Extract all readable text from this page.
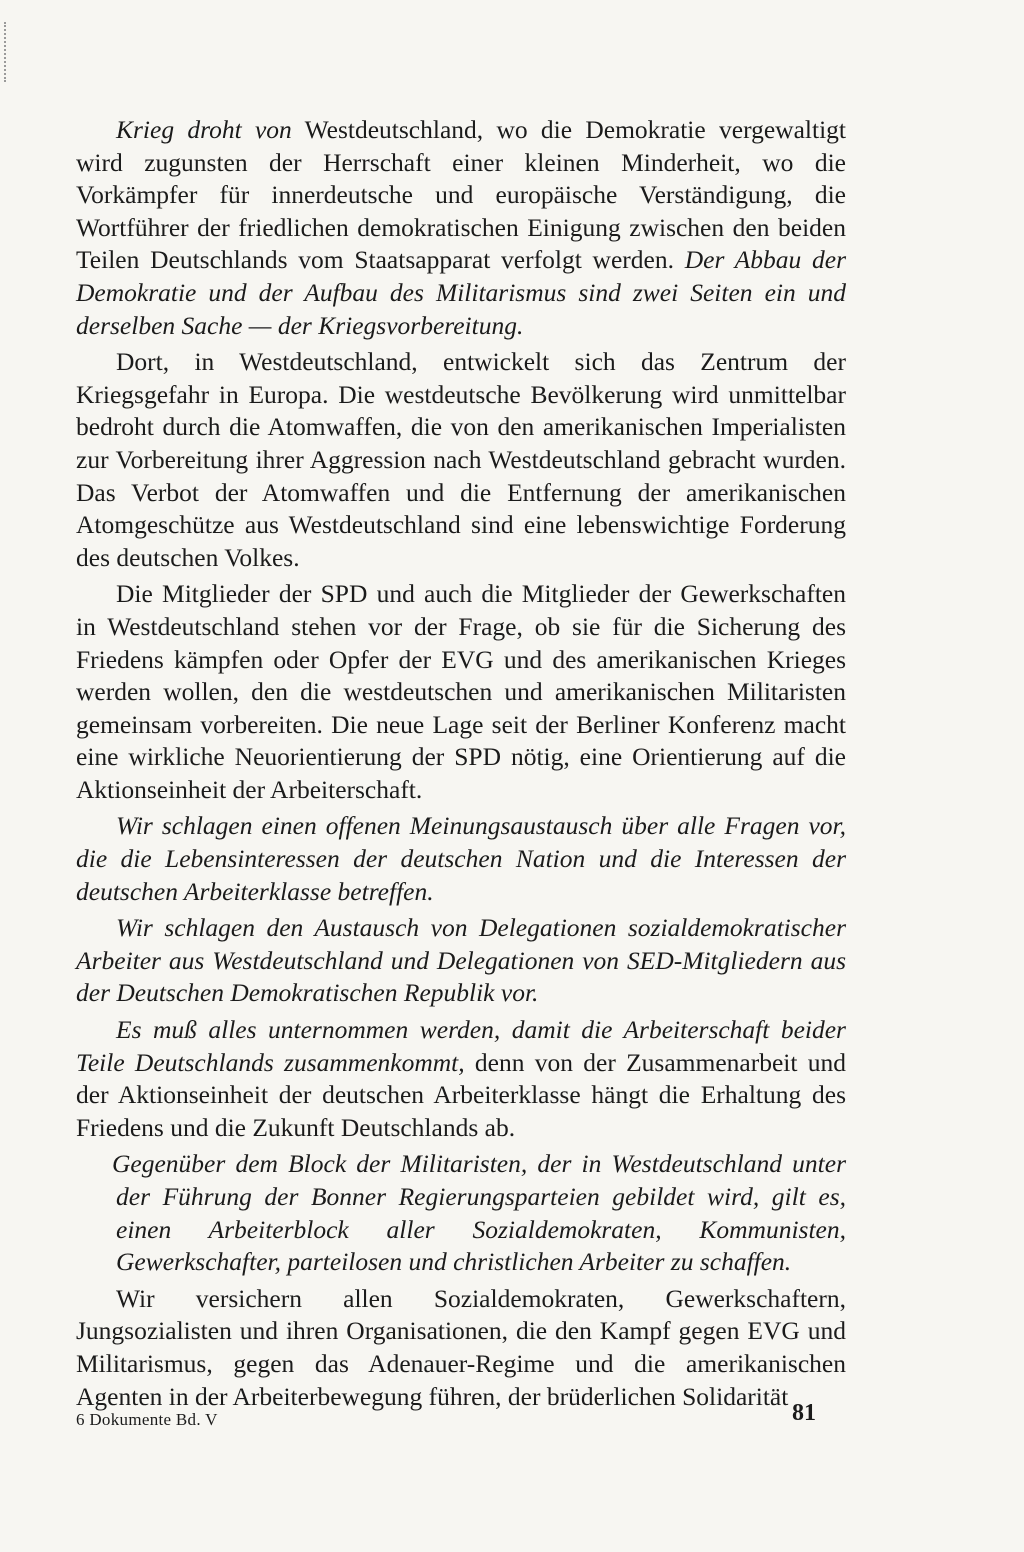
Krieg droht von Westdeutschland, wo die Demokratie vergewaltigt wird zugunsten der Herrschaft einer kleinen Minderheit, wo die Vorkämpfer für innerdeutsche und europäische Verständigung, die Wortführer der friedlichen demokratischen Einigung zwischen den beiden Teilen Deutschlands vom Staatsapparat verfolgt werden. Der Abbau der Demokratie und der Aufbau des Militarismus sind zwei Seiten ein und derselben Sache — der Kriegsvorbereitung.

Dort, in Westdeutschland, entwickelt sich das Zentrum der Kriegsgefahr in Europa. Die westdeutsche Bevölkerung wird unmittelbar bedroht durch die Atomwaffen, die von den amerikanischen Imperialisten zur Vorbereitung ihrer Aggression nach Westdeutschland gebracht wurden. Das Verbot der Atomwaffen und die Entfernung der amerikanischen Atomgeschütze aus Westdeutschland sind eine lebenswichtige Forderung des deutschen Volkes.

Die Mitglieder der SPD und auch die Mitglieder der Gewerkschaften in Westdeutschland stehen vor der Frage, ob sie für die Sicherung des Friedens kämpfen oder Opfer der EVG und des amerikanischen Krieges werden wollen, den die westdeutschen und amerikanischen Militaristen gemeinsam vorbereiten. Die neue Lage seit der Berliner Konferenz macht eine wirkliche Neuorientierung der SPD nötig, eine Orientierung auf die Aktionseinheit der Arbeiterschaft.

Wir schlagen einen offenen Meinungsaustausch über alle Fragen vor, die die Lebensinteressen der deutschen Nation und die Interessen der deutschen Arbeiterklasse betreffen.

Wir schlagen den Austausch von Delegationen sozialdemokratischer Arbeiter aus Westdeutschland und Delegationen von SED-Mitgliedern aus der Deutschen Demokratischen Republik vor.

Es muß alles unternommen werden, damit die Arbeiterschaft beider Teile Deutschlands zusammenkommt, denn von der Zusammenarbeit und der Aktionseinheit der deutschen Arbeiterklasse hängt die Erhaltung des Friedens und die Zukunft Deutschlands ab.

Gegenüber dem Block der Militaristen, der in Westdeutschland unter der Führung der Bonner Regierungsparteien gebildet wird, gilt es, einen Arbeiterblock aller Sozialdemokraten, Kommunisten, Gewerkschafter, parteilosen und christlichen Arbeiter zu schaffen.

Wir versichern allen Sozialdemokraten, Gewerkschaftern, Jungsozialisten und ihren Organisationen, die den Kampf gegen EVG und Militarismus, gegen das Adenauer-Regime und die amerikanischen Agenten in der Arbeiterbewegung führen, der brüderlichen Solidarität

6 Dokumente Bd. V	81
